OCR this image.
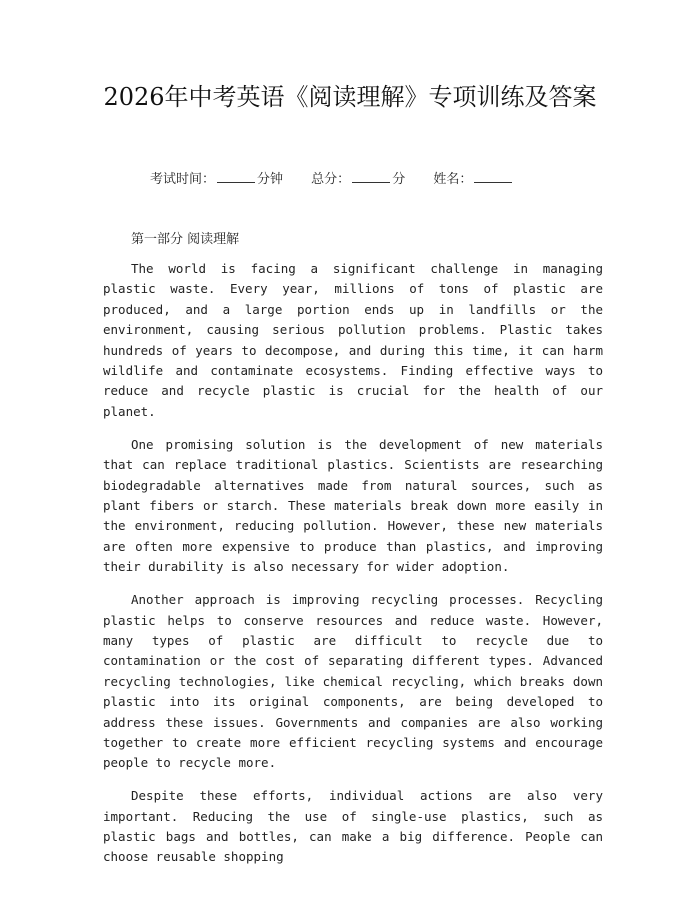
2026年中考英语《阅读理解》专项训练及答案
考试时间：	分钟 总分：	分 姓名：
第一部分 阅读理解

The world is facing a significant challenge in managing plastic waste. Every year, millions of tons of plastic are produced, and a large portion ends up in landfills or the environment, causing serious pollution problems. Plastic takes hundreds of years to decompose, and during this time, it can harm wildlife and contaminate ecosystems. Finding effective ways to reduce and recycle plastic is crucial for the health of our planet.

One promising solution is the development of new materials that can replace traditional plastics. Scientists are researching biodegradable alternatives made from natural sources, such as plant fibers or starch. These materials break down more easily in the environment, reducing pollution. However, these new materials are often more expensive to produce than plastics, and improving their durability is also necessary for wider adoption.

Another approach is improving recycling processes. Recycling plastic helps to conserve resources and reduce waste. However, many types of plastic are difficult to recycle due to contamination or the cost of separating different types. Advanced recycling technologies, like chemical recycling, which breaks down plastic into its original components, are being developed to address these issues. Governments and companies are also working together to create more efficient recycling systems and encourage people to recycle more.

Despite these efforts, individual actions are also very important. Reducing the use of single-use plastics, such as plastic bags and bottles, can make a big difference. People can choose reusable shopping
